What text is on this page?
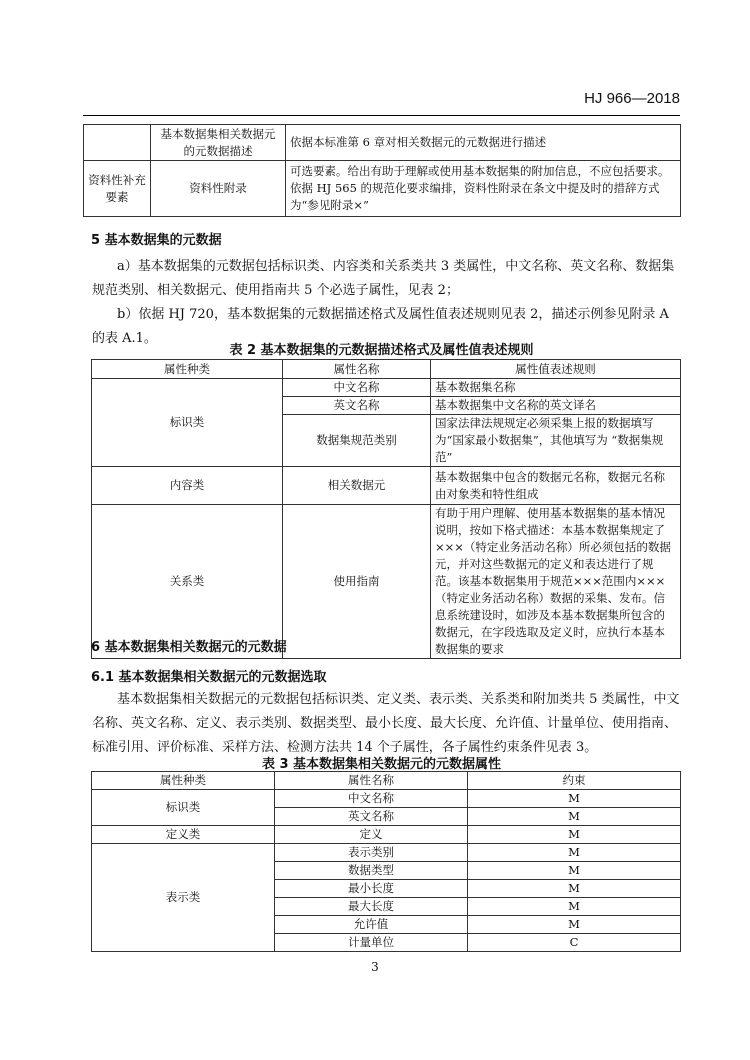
HJ 966—2018
	基本数据集相关数据元的元数据描述	依据本标准第 6 章对相关数据元的元数据进行描述
资料性补充要素	资料性附录	可选要素。给出有助于理解或使用基本数据集的附加信息，不应包括要求。依据 HJ 565 的规范化要求编排，资料性附录在条文中提及时的措辞方式为“参见附录×”
5 基本数据集的元数据
a）基本数据集的元数据包括标识类、内容类和关系类共 3 类属性，中文名称、英文名称、数据集规范类别、相关数据元、使用指南共 5 个必选子属性，见表 2；
b）依据 HJ 720，基本数据集的元数据描述格式及属性值表述规则见表 2，描述示例参见附录 A 的表 A.1。
表 2 基本数据集的元数据描述格式及属性值表述规则
属性种类	属性名称	属性值表述规则
标识类	中文名称	基本数据集名称
	英文名称	基本数据集中文名称的英文译名
	数据集规范类别	国家法律法规规定必须采集上报的数据填写为“国家最小数据集”，其他填写为 “数据集规范”
内容类	相关数据元	基本数据集中包含的数据元名称，数据元名称由对象类和特性组成
关系类	使用指南	有助于用户理解、使用基本数据集的基本情况说明，按如下格式描述：本基本数据集规定了×××（特定业务活动名称）所必须包括的数据元，并对这些数据元的定义和表达进行了规范。该基本数据集用于规范×××范围内×××（特定业务活动名称）数据的采集、发布。信息系统建设时，如涉及本基本数据集所包含的数据元，在字段选取及定义时，应执行本基本数据集的要求
6 基本数据集相关数据元的元数据
6.1 基本数据集相关数据元的元数据选取
基本数据集相关数据元的元数据包括标识类、定义类、表示类、关系类和附加类共 5 类属性，中文名称、英文名称、定义、表示类别、数据类型、最小长度、最大长度、允许值、计量单位、使用指南、标准引用、评价标准、采样方法、检测方法共 14 个子属性，各子属性约束条件见表 3。
表 3 基本数据集相关数据元的元数据属性
属性种类	属性名称	约束
标识类	中文名称	M
	英文名称	M
定义类	定义	M
表示类	表示类别	M
	数据类型	M
	最小长度	M
	最大长度	M
	允许值	M
	计量单位	C
3
